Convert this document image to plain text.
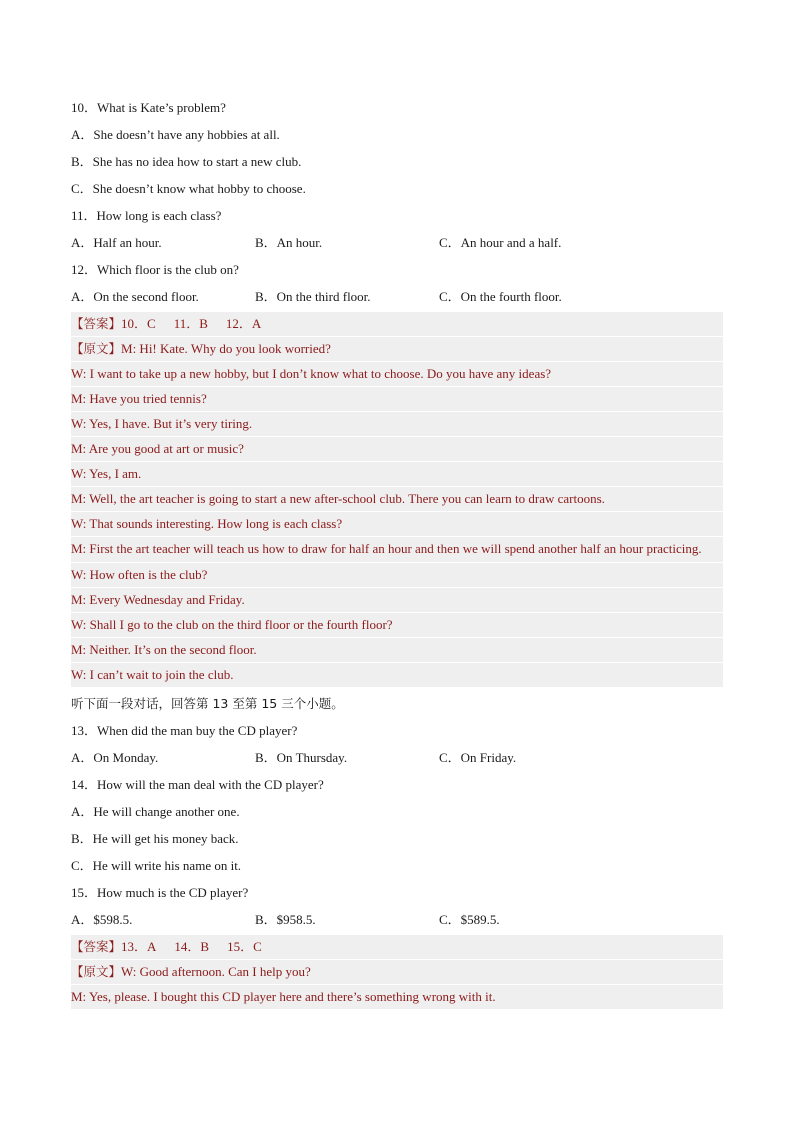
10．What is Kate’s problem?
A．She doesn’t have any hobbies at all.
B．She has no idea how to start a new club.
C．She doesn’t know what hobby to choose.
11．How long is each class?
A．Half an hour.	B．An hour.	C．An hour and a half.
12．Which floor is the club on?
A．On the second floor.	B．On the third floor.	C．On the fourth floor.
【答案】10．C 11．B 12．A
【原文】M: Hi! Kate. Why do you look worried?
W: I want to take up a new hobby, but I don’t know what to choose. Do you have any ideas?
M: Have you tried tennis?
W: Yes, I have. But it’s very tiring.
M: Are you good at art or music?
W: Yes, I am.
M: Well, the art teacher is going to start a new after-school club. There you can learn to draw cartoons.
W: That sounds interesting. How long is each class?
M: First the art teacher will teach us how to draw for half an hour and then we will spend another half an hour practicing.
W: How often is the club?
M: Every Wednesday and Friday.
W: Shall I go to the club on the third floor or the fourth floor?
M: Neither. It’s on the second floor.
W: I can’t wait to join the club.
听下面一段对话，回答第 13 至第 15 三个小题。
13．When did the man buy the CD player?
A．On Monday.	B．On Thursday.	C．On Friday.
14．How will the man deal with the CD player?
A．He will change another one.
B．He will get his money back.
C．He will write his name on it.
15．How much is the CD player?
A．$598.5.	B．$958.5.	C．$589.5.
【答案】13．A 14．B 15．C
【原文】W: Good afternoon. Can I help you?
M: Yes, please. I bought this CD player here and there’s something wrong with it.
